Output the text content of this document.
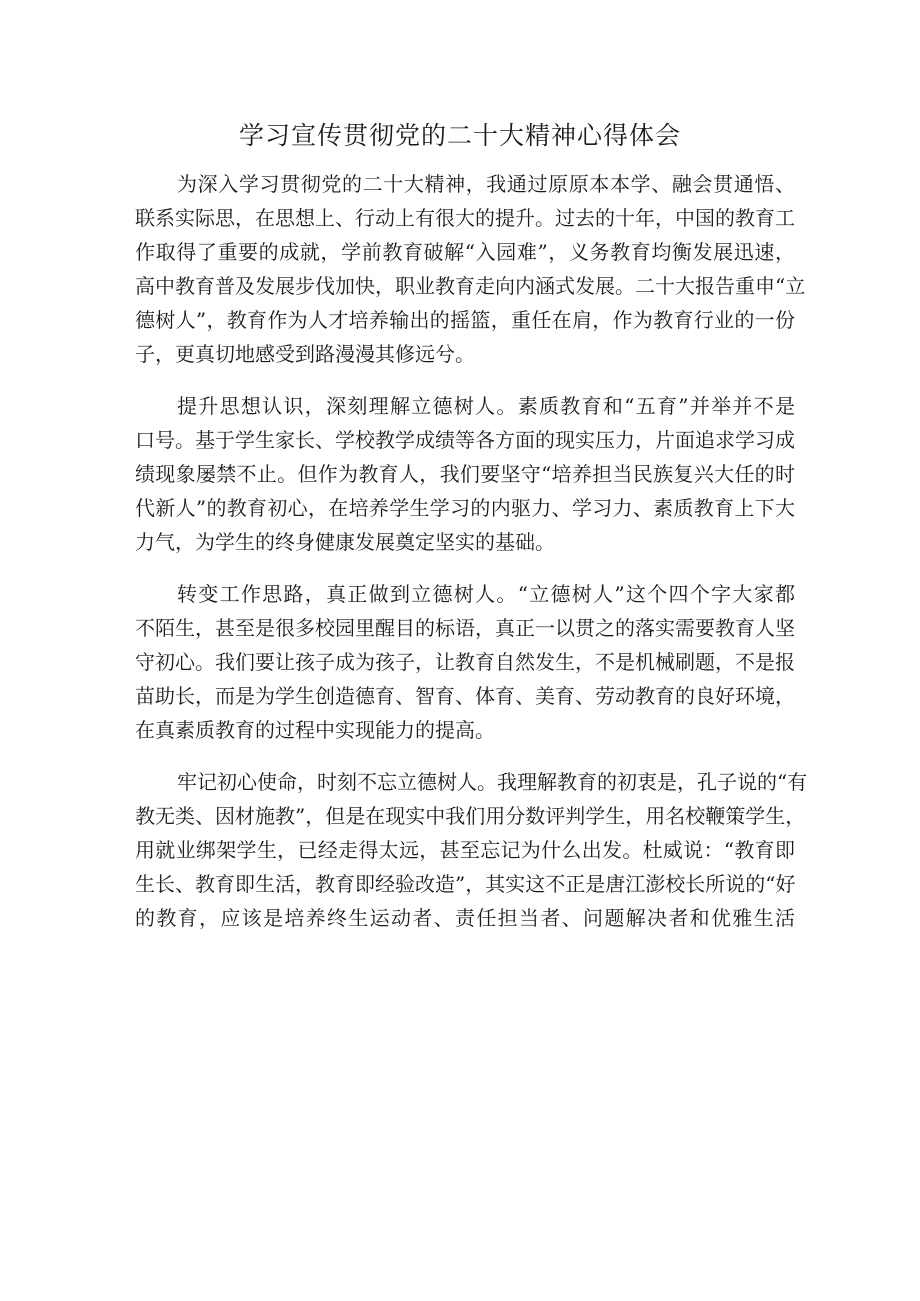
学习宣传贯彻党的二十大精神心得体会
为深入学习贯彻党的二十大精神，我通过原原本本学、融会贯通悟、
联系实际思，在思想上、行动上有很大的提升。过去的十年，中国的教育工
作取得了重要的成就，学前教育破解“入园难”，义务教育均衡发展迅速，
高中教育普及发展步伐加快，职业教育走向内涵式发展。二十大报告重申“立
德树人”，教育作为人才培养输出的摇篮，重任在肩，作为教育行业的一份
子，更真切地感受到路漫漫其修远兮。
提升思想认识，深刻理解立德树人。素质教育和“五育”并举并不是
口号。基于学生家长、学校教学成绩等各方面的现实压力，片面追求学习成
绩现象屡禁不止。但作为教育人，我们要坚守“培养担当民族复兴大任的时
代新人”的教育初心，在培养学生学习的内驱力、学习力、素质教育上下大
力气，为学生的终身健康发展奠定坚实的基础。
转变工作思路，真正做到立德树人。“立德树人”这个四个字大家都
不陌生，甚至是很多校园里醒目的标语，真正一以贯之的落实需要教育人坚
守初心。我们要让孩子成为孩子，让教育自然发生，不是机械刷题，不是报
苗助长，而是为学生创造德育、智育、体育、美育、劳动教育的良好环境，
在真素质教育的过程中实现能力的提高。
牢记初心使命，时刻不忘立德树人。我理解教育的初衷是，孔子说的“有
教无类、因材施教”，但是在现实中我们用分数评判学生，用名校鞭策学生，
用就业绑架学生，已经走得太远，甚至忘记为什么出发。杜威说：“教育即
生长、教育即生活，教育即经验改造”，其实这不正是唐江澎校长所说的“好
的教育，应该是培养终生运动者、责任担当者、问题解决者和优雅生活
